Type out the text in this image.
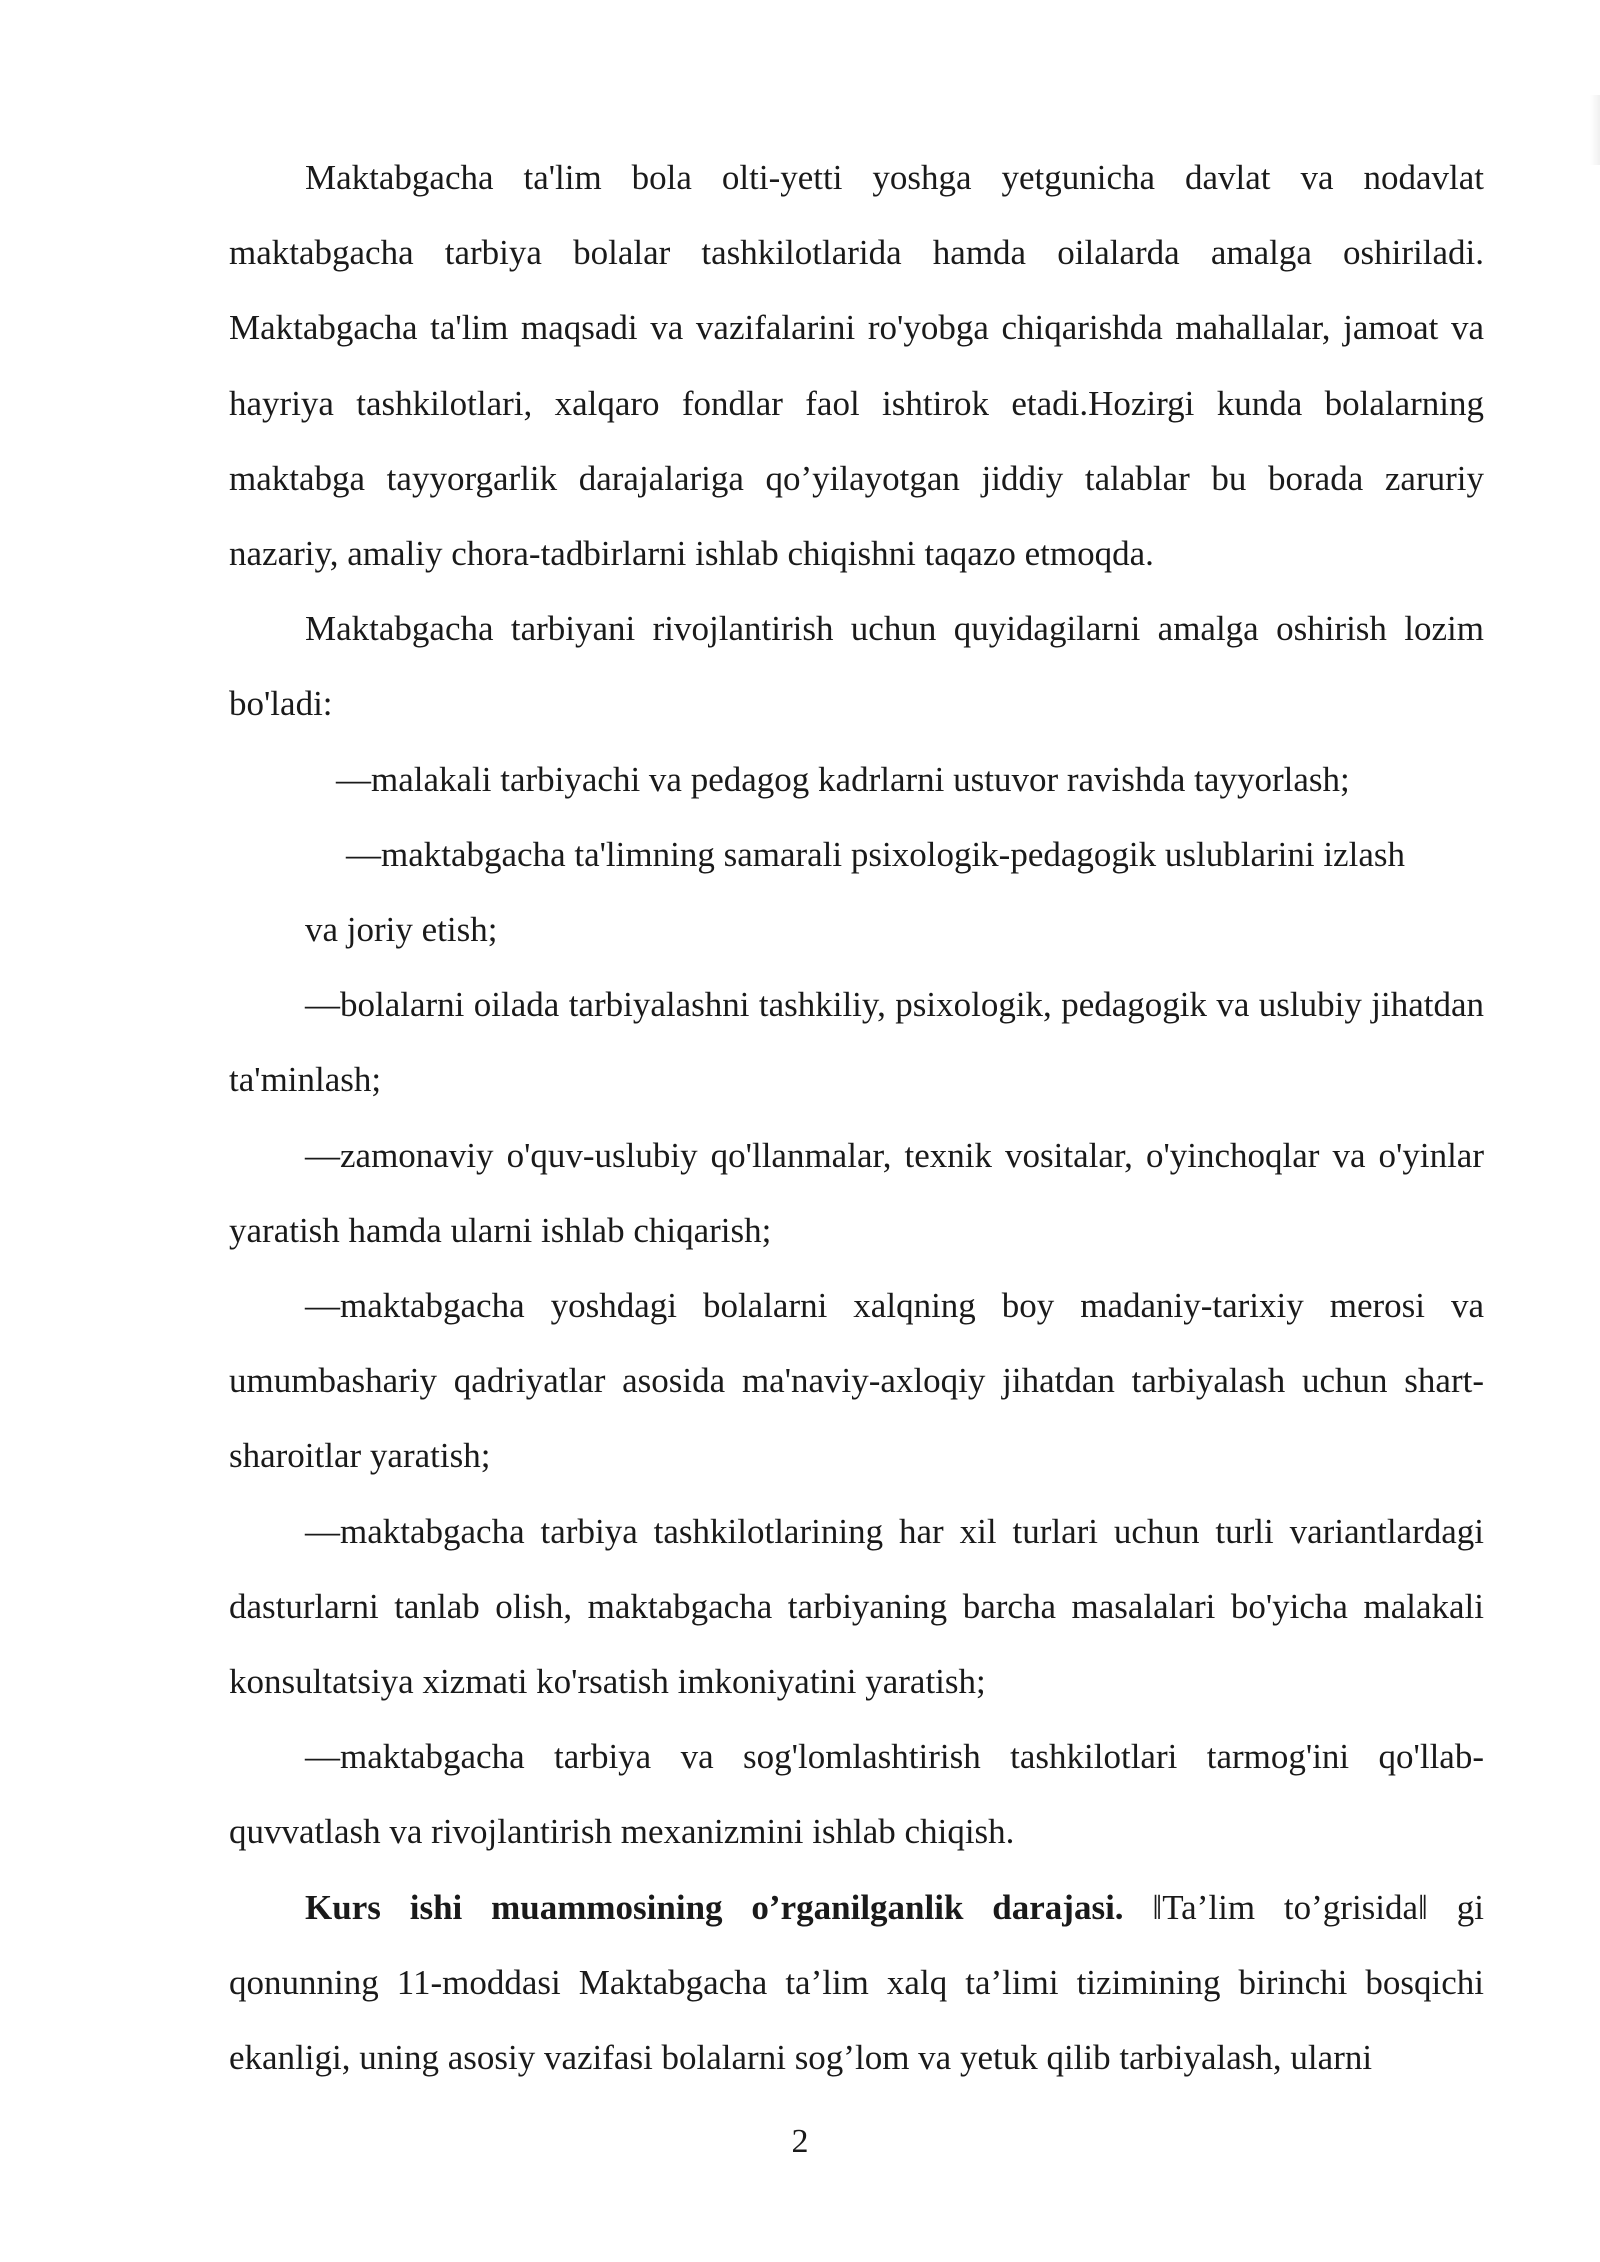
Maktabgacha ta'lim bola olti-yetti yoshga yetgunicha davlat va nodavlat maktabgacha tarbiya bolalar tashkilotlarida hamda oilalarda amalga oshiriladi. Maktabgacha ta'lim maqsadi va vazifalarini ro'yobga chiqarishda mahallalar, jamoat va hayriya tashkilotlari, xalqaro fondlar faol ishtirok etadi.Hozirgi kunda bolalarning maktabga tayyorgarlik darajalariga qo’yilayotgan jiddiy talablar bu borada zaruriy nazariy, amaliy chora-tadbirlarni ishlab chiqishni taqazo etmoqda.

Maktabgacha tarbiyani rivojlantirish uchun quyidagilarni amalga oshirish lozim bo'ladi:

—malakali tarbiyachi va pedagog kadrlarni ustuvor ravishda tayyorlash;

—maktabgacha ta'limning samarali psixologik-pedagogik uslublarini izlash

va joriy etish;

—bolalarni oilada tarbiyalashni tashkiliy, psixologik, pedagogik va uslubiy jihatdan ta'minlash;

—zamonaviy o'quv-uslubiy qo'llanmalar, texnik vositalar, o'yinchoqlar va o'yinlar yaratish hamda ularni ishlab chiqarish;

—maktabgacha yoshdagi bolalarni xalqning boy madaniy-tarixiy merosi va umumbashariy qadriyatlar asosida ma'naviy-axloqiy jihatdan tarbiyalash uchun shart-sharoitlar yaratish;

—maktabgacha tarbiya tashkilotlarining har xil turlari uchun turli variantlardagi dasturlarni tanlab olish, maktabgacha tarbiyaning barcha masalalari bo'yicha malakali konsultatsiya xizmati ko'rsatish imkoniyatini yaratish;

—maktabgacha tarbiya va sog'lomlashtirish tashkilotlari tarmog'ini qo'llab-quvvatlash va rivojlantirish mexanizmini ishlab chiqish.

Kurs ishi muammosining o’rganilganlik darajasi. ‖Ta’lim to’grisida‖ gi qonunning 11-moddasi Maktabgacha ta’lim xalq ta’limi tizimining birinchi bosqichi ekanligi, uning asosiy vazifasi bolalarni sog’lom va yetuk qilib tarbiyalash, ularni

2
